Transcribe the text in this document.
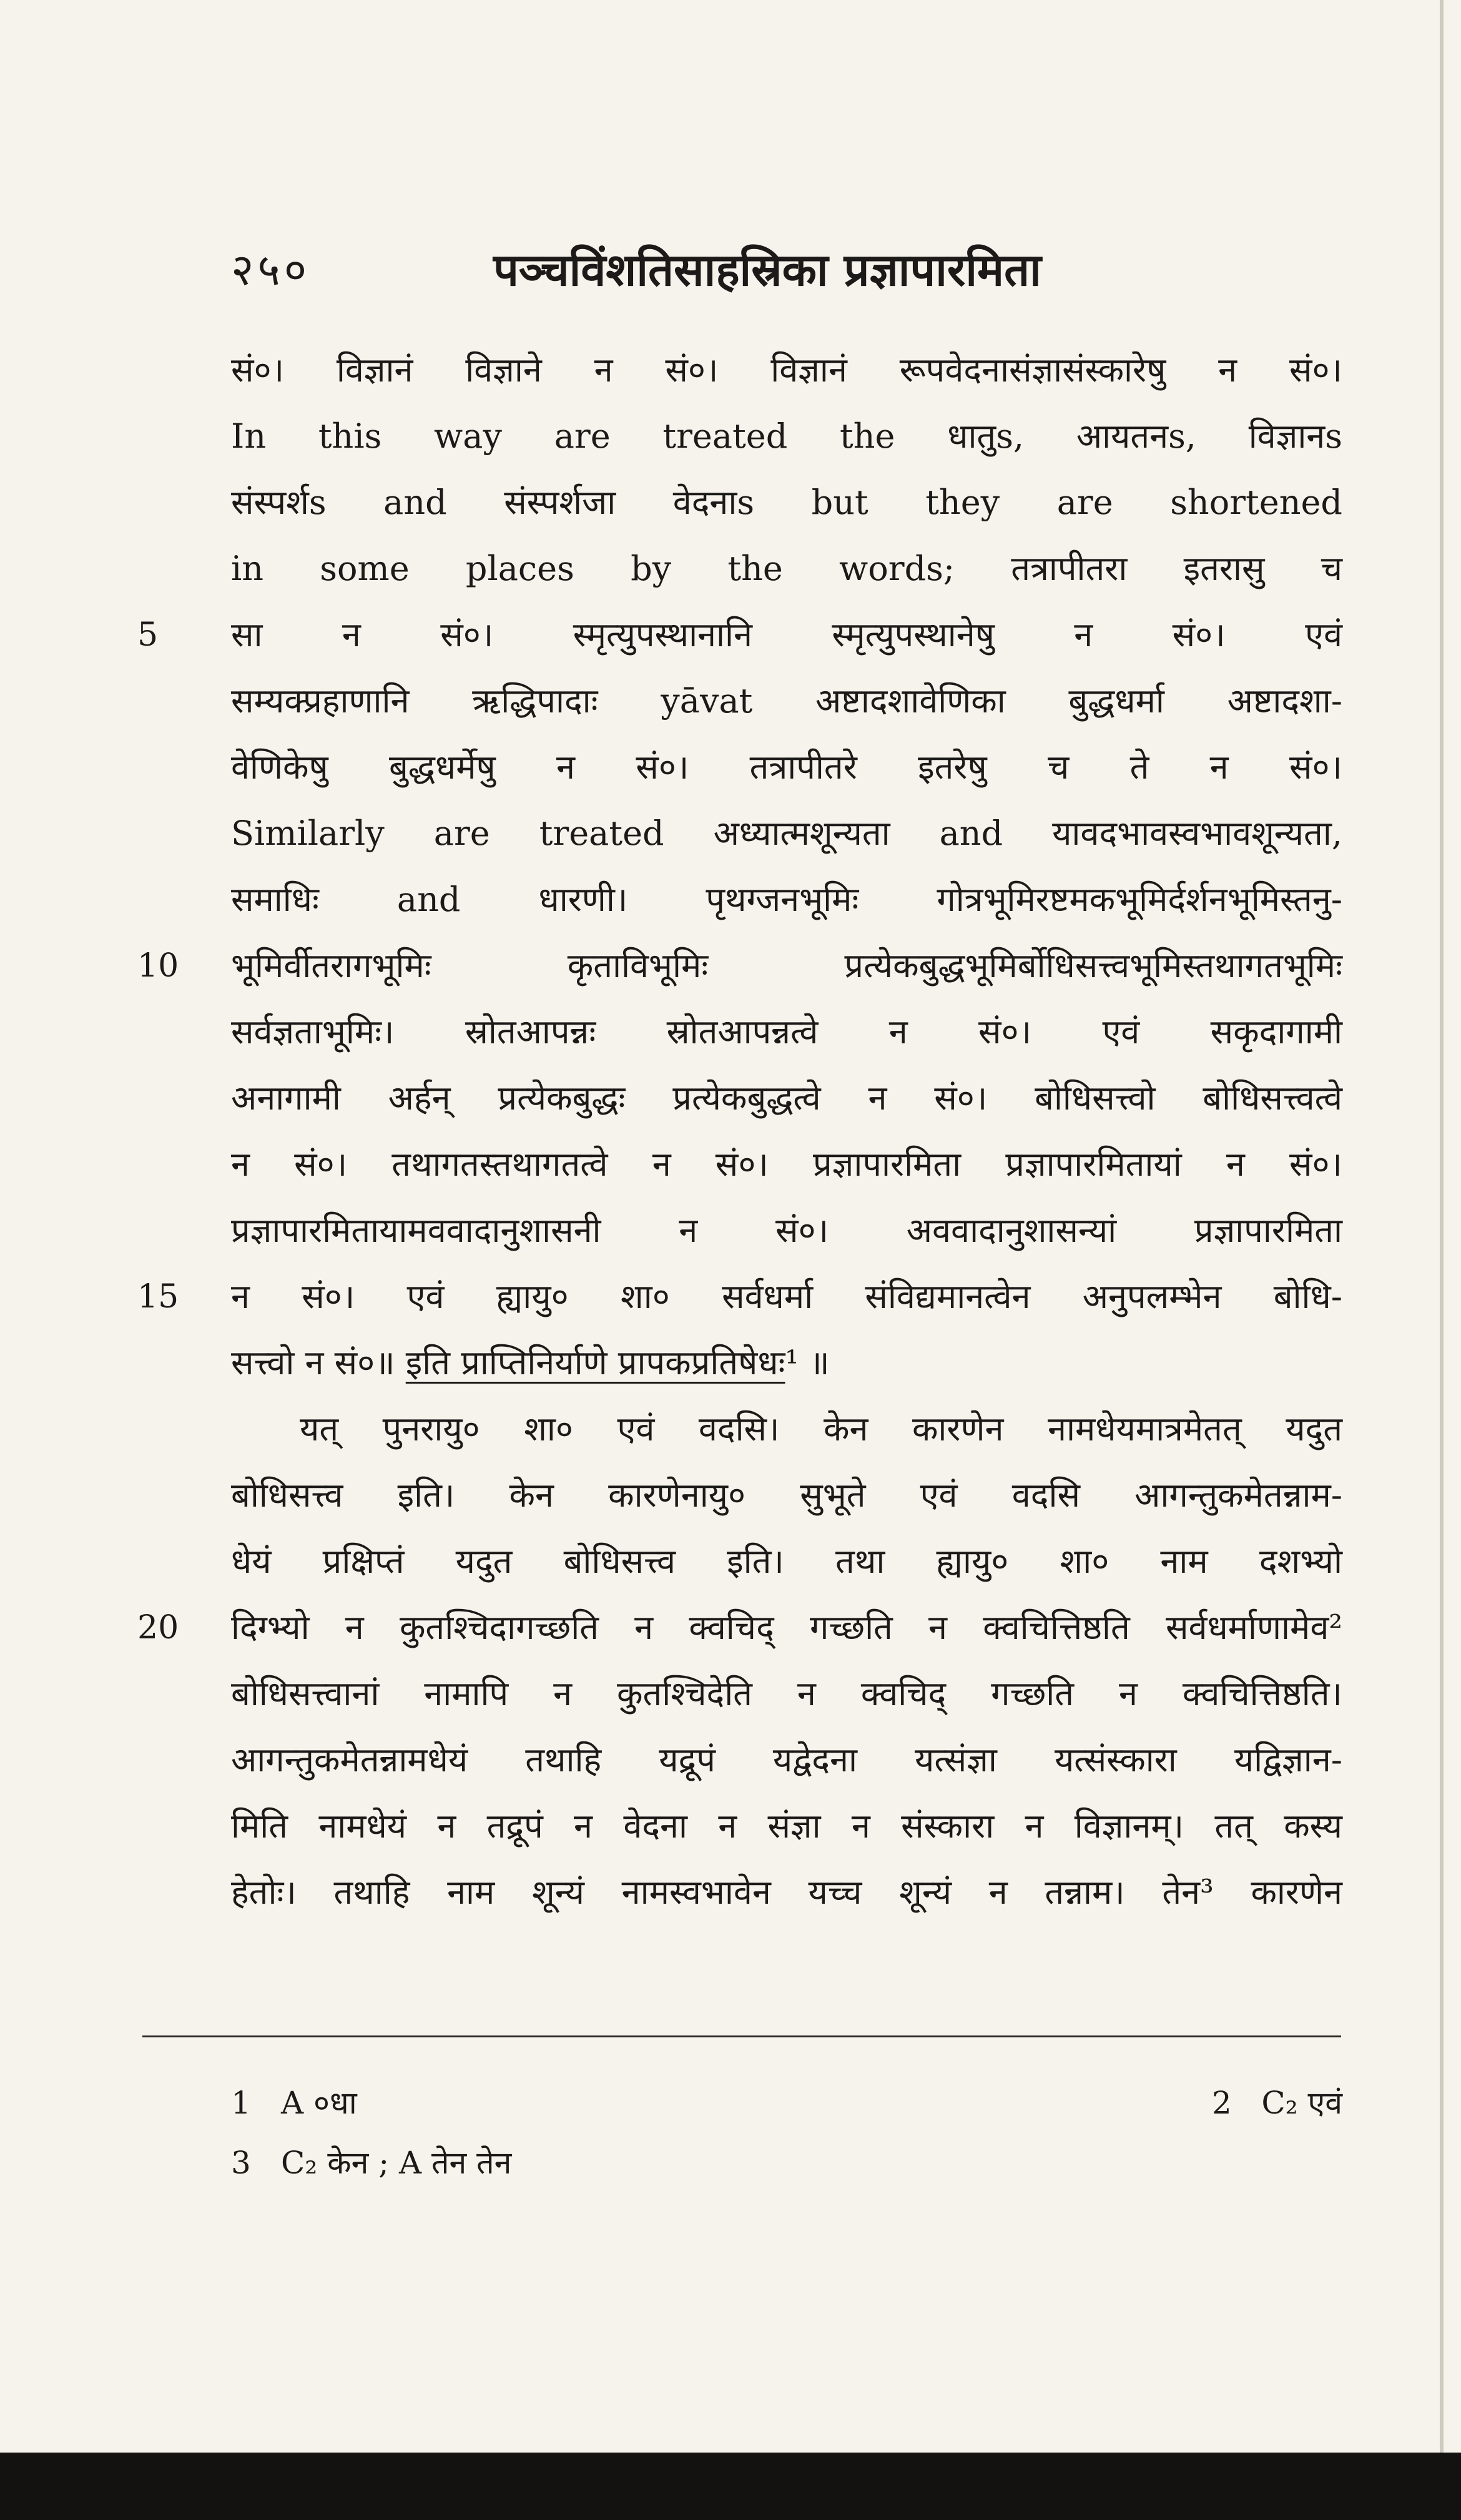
२५०	पञ्चविंशतिसाहस्रिका प्रज्ञापारमिता
सं०। विज्ञानं विज्ञाने न सं०। विज्ञानं रूपवेदनासंज्ञासंस्कारेषु न सं०।
In this way are treated the धातुs, आयतनs, विज्ञानs
संस्पर्शs and संस्पर्शजा वेदनाs but they are shortened
in some places by the words; तत्रापीतरा इतरासु च
5	सा न सं०। स्मृत्युपस्थानानि स्मृत्युपस्थानेषु न सं०। एवं
सम्यक्प्रहाणानि ऋद्धिपादाः yāvat अष्टादशावेणिका बुद्धधर्मा अष्टादशा-
वेणिकेषु बुद्धधर्मेषु न सं०। तत्रापीतरे इतरेषु च ते न सं०।
Similarly are treated अध्यात्मशून्यता and यावदभावस्वभावशून्यता,
समाधिः and धारणी। पृथग्जनभूमिः गोत्रभूमिरष्टमकभूमिर्दर्शनभूमिस्तनु-
10	भूमिर्वीतरागभूमिः कृताविभूमिः प्रत्येकबुद्धभूमिर्बोधिसत्त्वभूमिस्तथागतभूमिः
सर्वज्ञताभूमिः। स्रोतआपन्नः स्रोतआपन्नत्वे न सं०। एवं सकृदागामी
अनागामी अर्हन् प्रत्येकबुद्धः प्रत्येकबुद्धत्वे न सं०। बोधिसत्त्वो बोधिसत्त्वत्वे
न सं०। तथागतस्तथागतत्वे न सं०। प्रज्ञापारमिता प्रज्ञापारमितायां न सं०।
प्रज्ञापारमितायामववादानुशासनी न सं०। अववादानुशासन्यां प्रज्ञापारमिता
15	न सं०। एवं ह्यायु० शा० सर्वधर्मा संविद्यमानत्वेन अनुपलम्भेन बोधि-
सत्त्वो न सं०॥ इति प्राप्तिनिर्याणे प्रापकप्रतिषेधः¹ ॥
यत् पुनरायु० शा० एवं वदसि। केन कारणेन नामधेयमात्रमेतत् यदुत
बोधिसत्त्व इति। केन कारणेनायु० सुभूते एवं वदसि आगन्तुकमेतन्नाम-
धेयं प्रक्षिप्तं यदुत बोधिसत्त्व इति। तथा ह्यायु० शा० नाम दशभ्यो
20	दिग्भ्यो न कुतश्चिदागच्छति न क्वचिद् गच्छति न क्वचित्तिष्ठति सर्वधर्माणामेव²
बोधिसत्त्वानां नामापि न कुतश्चिदेति न क्वचिद् गच्छति न क्वचित्तिष्ठति।
आगन्तुकमेतन्नामधेयं तथाहि यद्रूपं यद्वेदना यत्संज्ञा यत्संस्कारा यद्विज्ञान-
मिति नामधेयं न तद्रूपं न वेदना न संज्ञा न संस्कारा न विज्ञानम्। तत् कस्य
हेतोः। तथाहि नाम शून्यं नामस्वभावेन यच्च शून्यं न तन्नाम। तेन³ कारणेन
1 A ०धा	2 C₂ एवं
3 C₂ केन ; A तेन तेन
